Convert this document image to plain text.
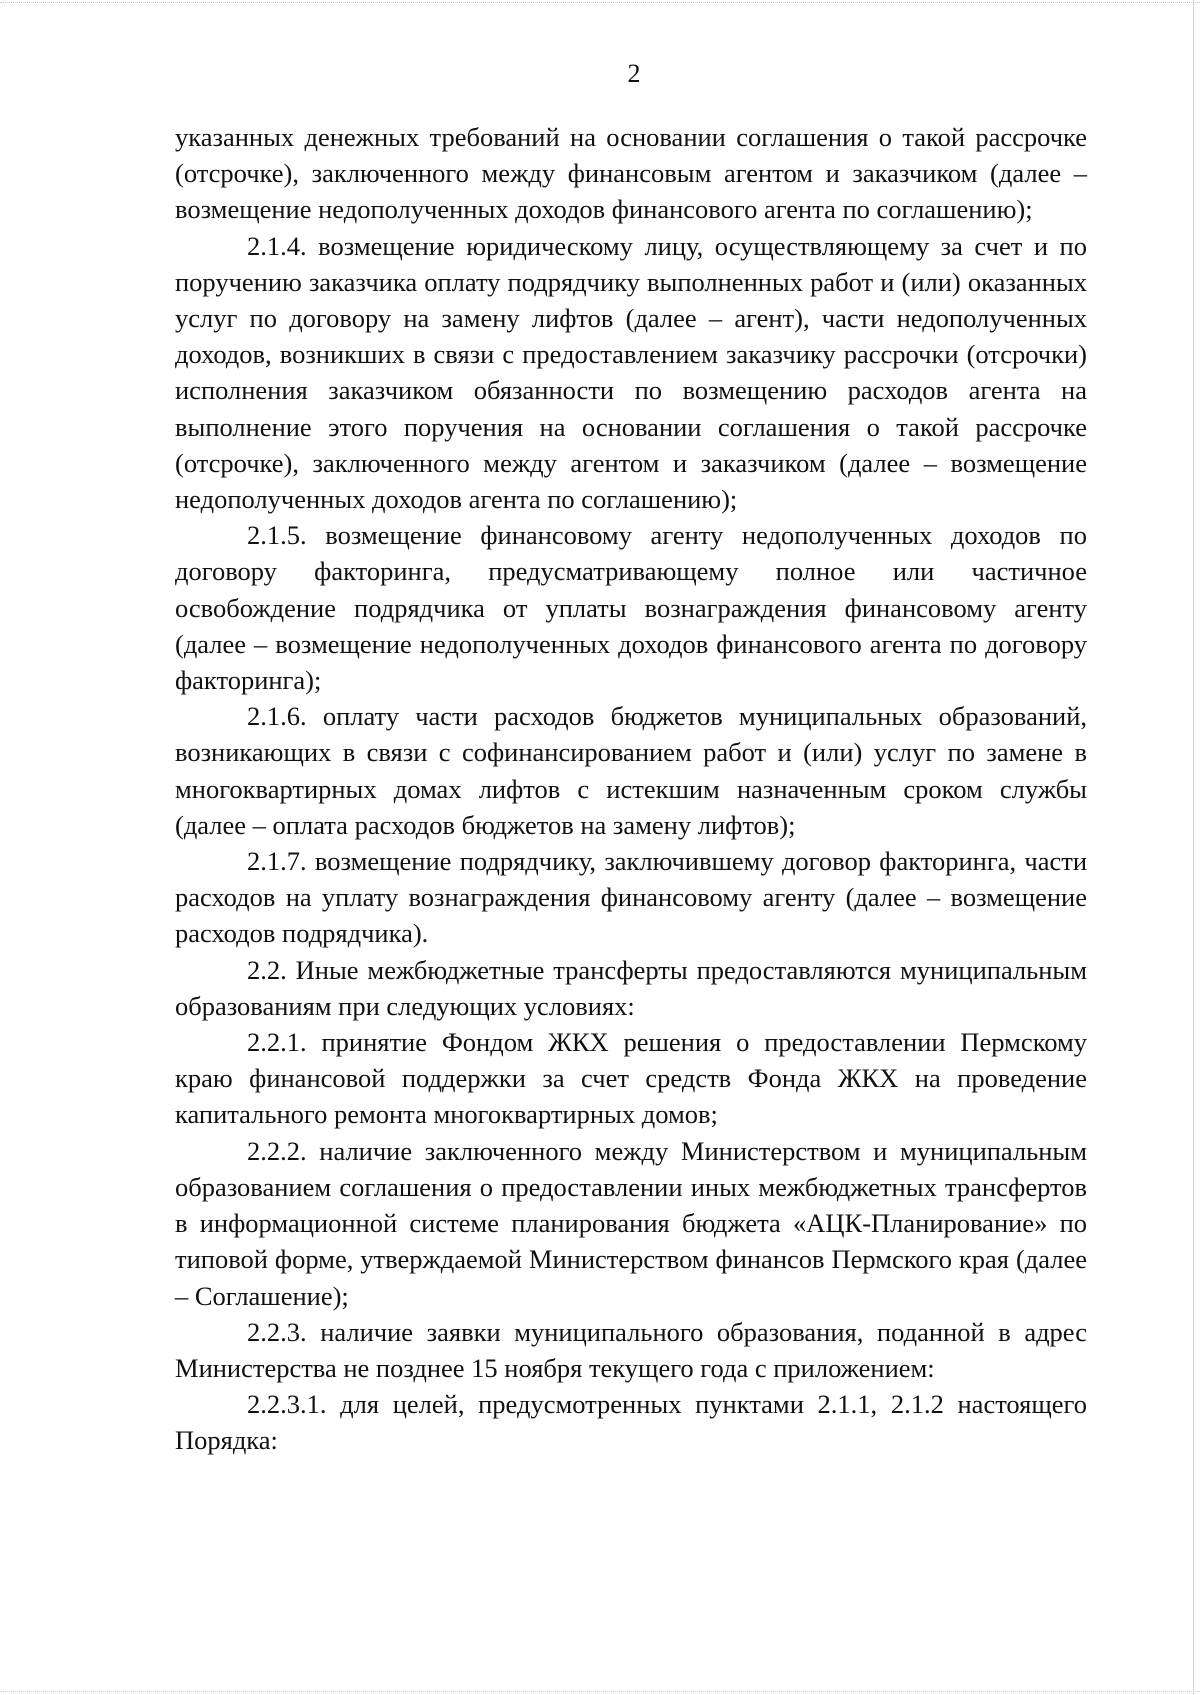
2

указанных денежных требований на основании соглашения о такой рассрочке (отсрочке), заключенного между финансовым агентом и заказчиком (далее – возмещение недополученных доходов финансового агента по соглашению);

2.1.4. возмещение юридическому лицу, осуществляющему за счет и по поручению заказчика оплату подрядчику выполненных работ и (или) оказанных услуг по договору на замену лифтов (далее – агент), части недополученных доходов, возникших в связи с предоставлением заказчику рассрочки (отсрочки) исполнения заказчиком обязанности по возмещению расходов агента на выполнение этого поручения на основании соглашения о такой рассрочке (отсрочке), заключенного между агентом и заказчиком (далее – возмещение недополученных доходов агента по соглашению);

2.1.5. возмещение финансовому агенту недополученных доходов по договору факторинга, предусматривающему полное или частичное освобождение подрядчика от уплаты вознаграждения финансовому агенту (далее – возмещение недополученных доходов финансового агента по договору факторинга);

2.1.6. оплату части расходов бюджетов муниципальных образований, возникающих в связи с софинансированием работ и (или) услуг по замене в многоквартирных домах лифтов с истекшим назначенным сроком службы (далее – оплата расходов бюджетов на замену лифтов);

2.1.7. возмещение подрядчику, заключившему договор факторинга, части расходов на уплату вознаграждения финансовому агенту (далее – возмещение расходов подрядчика).

2.2. Иные межбюджетные трансферты предоставляются муниципальным образованиям при следующих условиях:

2.2.1. принятие Фондом ЖКХ решения о предоставлении Пермскому краю финансовой поддержки за счет средств Фонда ЖКХ на проведение капитального ремонта многоквартирных домов;

2.2.2. наличие заключенного между Министерством и муниципальным образованием соглашения о предоставлении иных межбюджетных трансфертов в информационной системе планирования бюджета «АЦК-Планирование» по типовой форме, утверждаемой Министерством финансов Пермского края (далее – Соглашение);

2.2.3. наличие заявки муниципального образования, поданной в адрес Министерства не позднее 15 ноября текущего года с приложением:

2.2.3.1. для целей, предусмотренных пунктами 2.1.1, 2.1.2 настоящего Порядка:
